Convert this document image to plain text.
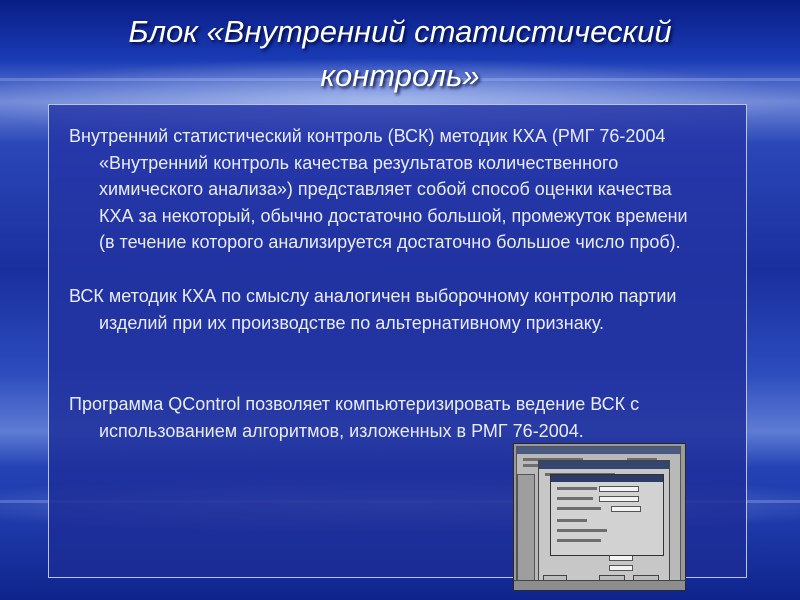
Блок «Внутренний статистический
контроль»

Внутренний статистический контроль (ВСК) методик КХА (РМГ 76-2004 «Внутренний контроль качества результатов количественного химического анализа») представляет собой способ оценки качества КХА за некоторый, обычно достаточно большой, промежуток времени (в течение которого анализируется достаточно большое число проб).

ВСК методик КХА по смыслу аналогичен выборочному контролю партии изделий при их производстве по альтернативному признаку.

Программа QControl позволяет компьютеризировать ведение ВСК с использованием алгоритмов, изложенных в РМГ 76-2004.
